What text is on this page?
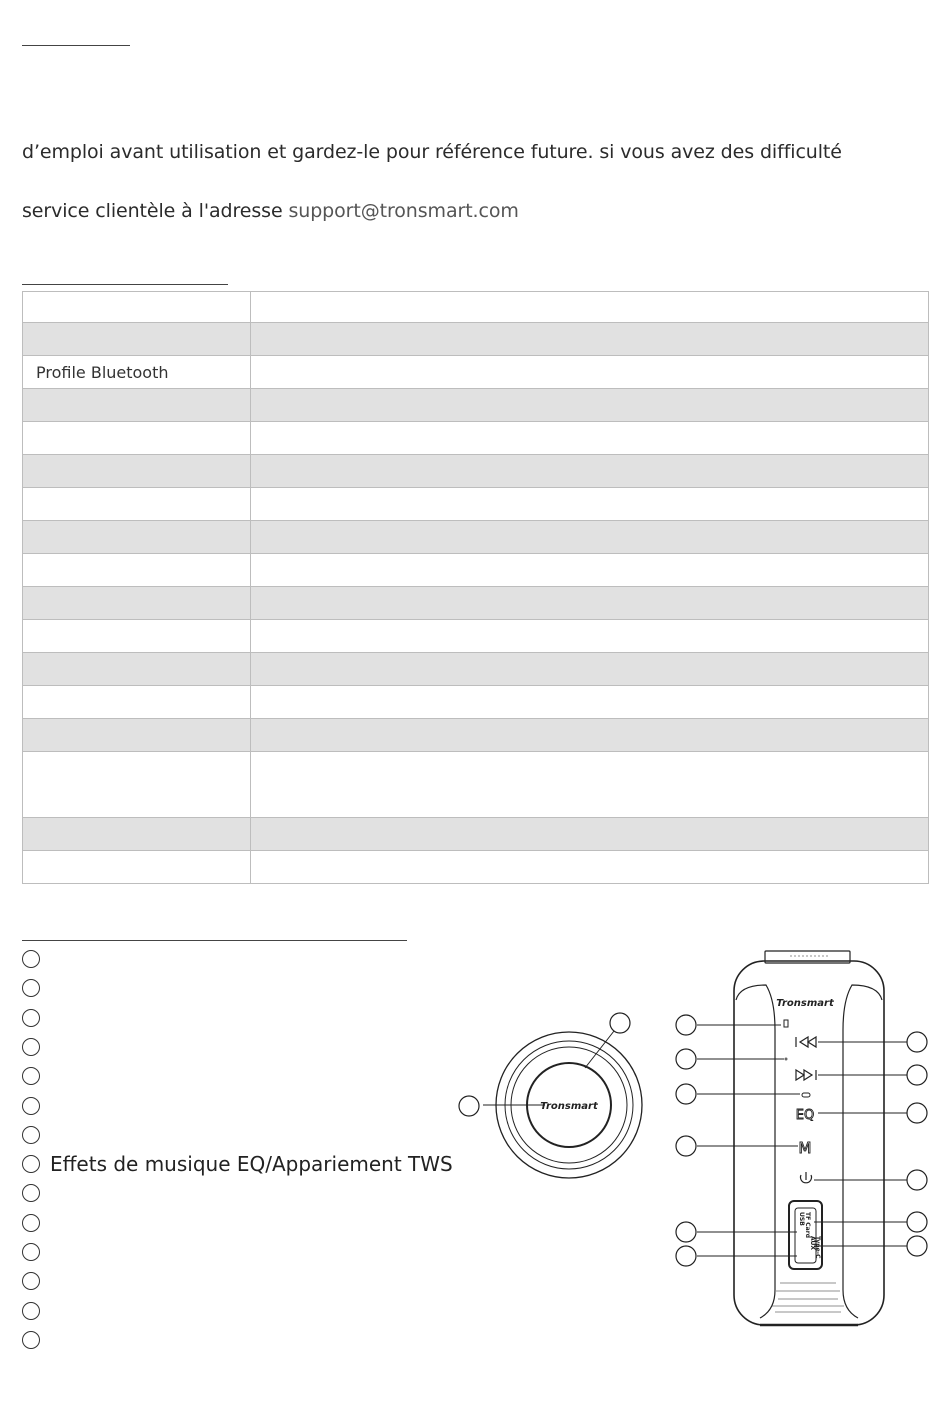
d’emploi avant utilisation et gardez-le pour référence future. si vous avez des difficulté
service clientèle à l'adresse support@tronsmart.com

Profile Bluetooth	

Effets de musique EQ/Appariement TWS
Tronsmart
Tronsmart
EQ
M
USB TF Card
AUX
Type-C
